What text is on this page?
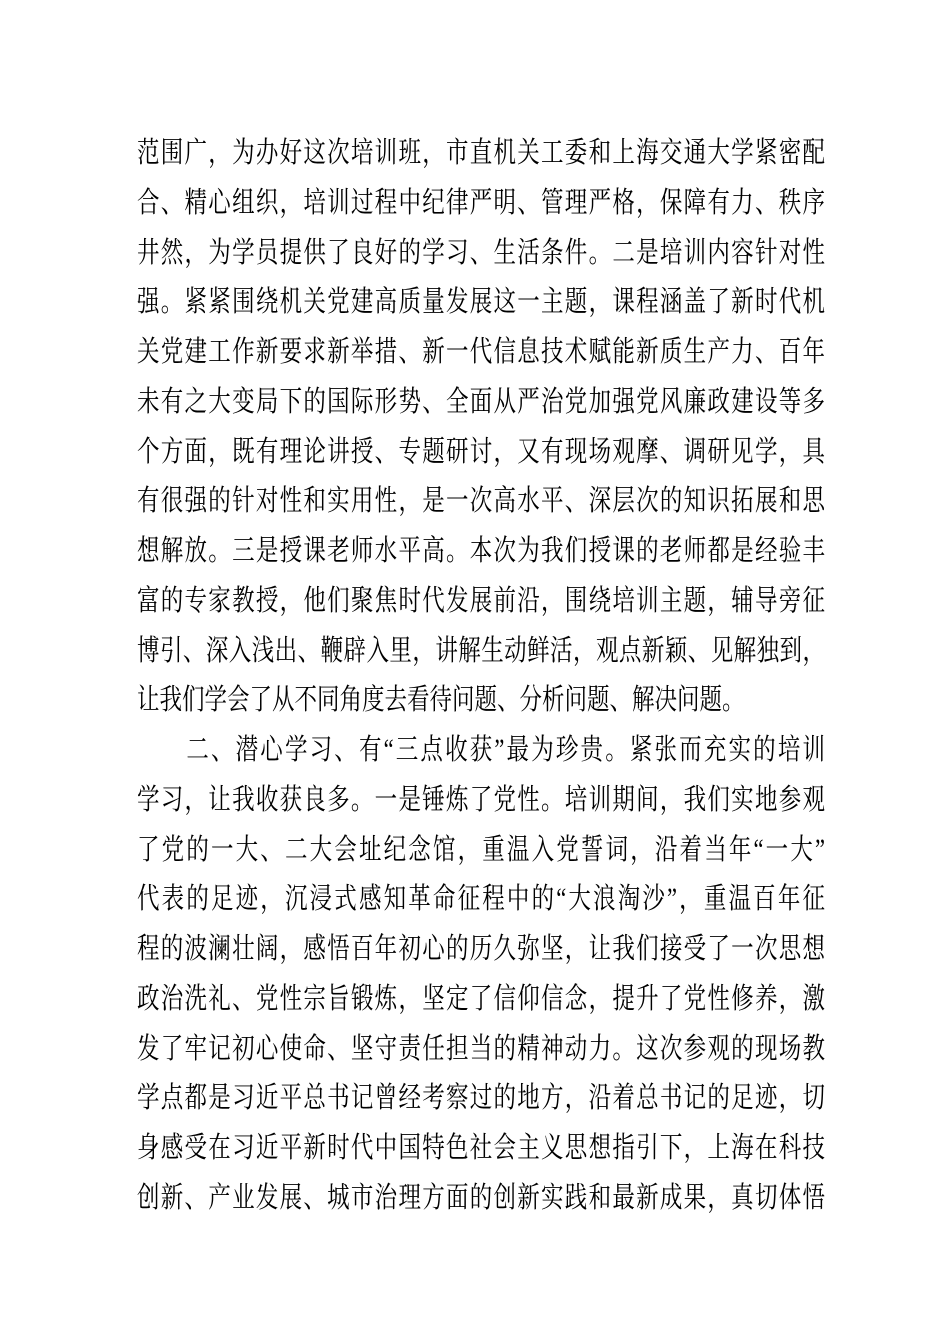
范围广，为办好这次培训班，市直机关工委和上海交通大学紧密配
合、精心组织，培训过程中纪律严明、管理严格，保障有力、秩序
井然，为学员提供了良好的学习、生活条件。二是培训内容针对性
强。紧紧围绕机关党建高质量发展这一主题，课程涵盖了新时代机
关党建工作新要求新举措、新一代信息技术赋能新质生产力、百年
未有之大变局下的国际形势、全面从严治党加强党风廉政建设等多
个方面，既有理论讲授、专题研讨，又有现场观摩、调研见学，具
有很强的针对性和实用性，是一次高水平、深层次的知识拓展和思
想解放。三是授课老师水平高。本次为我们授课的老师都是经验丰
富的专家教授，他们聚焦时代发展前沿，围绕培训主题，辅导旁征
博引、深入浅出、鞭辟入里，讲解生动鲜活，观点新颖、见解独到，
让我们学会了从不同角度去看待问题、分析问题、解决问题。
　　二、潜心学习、有“三点收获”最为珍贵。紧张而充实的培训
学习，让我收获良多。一是锤炼了党性。培训期间，我们实地参观
了党的一大、二大会址纪念馆，重温入党誓词，沿着当年“一大”
代表的足迹，沉浸式感知革命征程中的“大浪淘沙”，重温百年征
程的波澜壮阔，感悟百年初心的历久弥坚，让我们接受了一次思想
政治洗礼、党性宗旨锻炼，坚定了信仰信念，提升了党性修养，激
发了牢记初心使命、坚守责任担当的精神动力。这次参观的现场教
学点都是习近平总书记曾经考察过的地方，沿着总书记的足迹，切
身感受在习近平新时代中国特色社会主义思想指引下，上海在科技
创新、产业发展、城市治理方面的创新实践和最新成果，真切体悟
